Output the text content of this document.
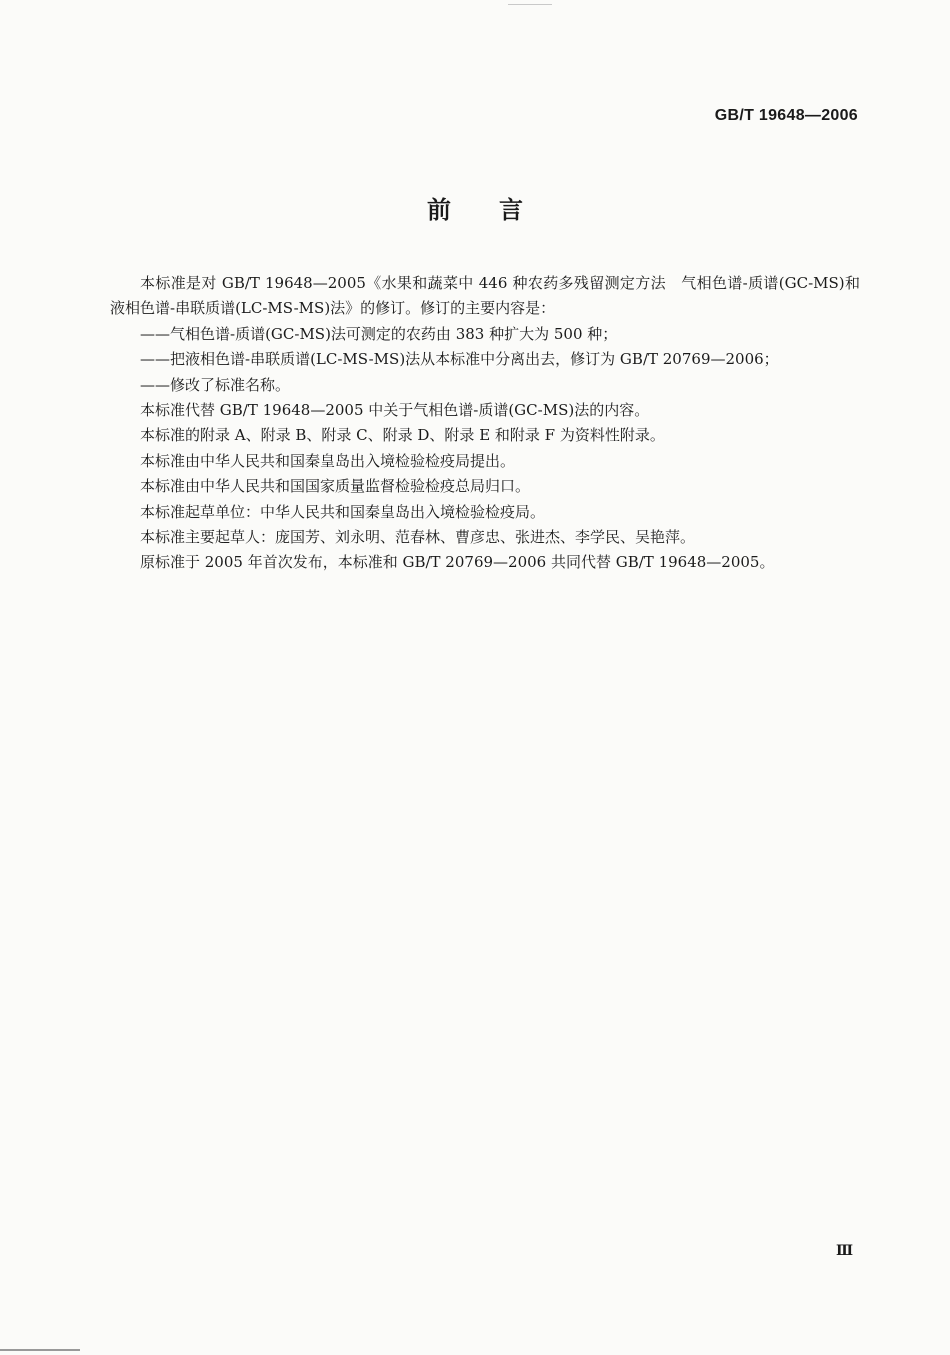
GB/T 19648—2006
前言

本标准是对 GB/T 19648—2005《水果和蔬菜中 446 种农药多残留测定方法　气相色谱-质谱(GC-MS)和液相色谱-串联质谱(LC-MS-MS)法》的修订。修订的主要内容是：

——气相色谱-质谱(GC-MS)法可测定的农药由 383 种扩大为 500 种；

——把液相色谱-串联质谱(LC-MS-MS)法从本标准中分离出去，修订为 GB/T 20769—2006；

——修改了标准名称。

本标准代替 GB/T 19648—2005 中关于气相色谱-质谱(GC-MS)法的内容。

本标准的附录 A、附录 B、附录 C、附录 D、附录 E 和附录 F 为资料性附录。

本标准由中华人民共和国秦皇岛出入境检验检疫局提出。

本标准由中华人民共和国国家质量监督检验检疫总局归口。

本标准起草单位：中华人民共和国秦皇岛出入境检验检疫局。

本标准主要起草人：庞国芳、刘永明、范春林、曹彦忠、张进杰、李学民、吴艳萍。

原标准于 2005 年首次发布，本标准和 GB/T 20769—2006 共同代替 GB/T 19648—2005。

Ⅲ
